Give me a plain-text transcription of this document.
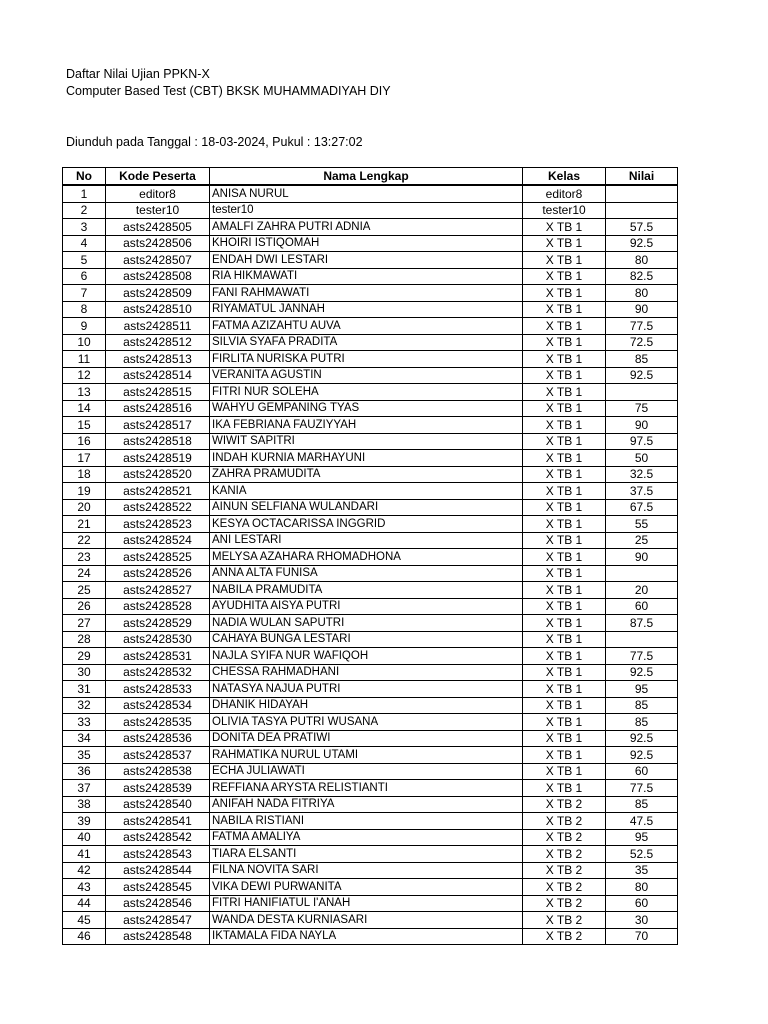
Daftar Nilai Ujian PPKN-X
Computer Based Test (CBT) BKSK MUHAMMADIYAH DIY
Diunduh pada Tanggal : 18-03-2024, Pukul : 13:27:02
No	Kode Peserta	Nama Lengkap	Kelas	Nilai
1	editor8	ANISA NURUL	editor8	
2	tester10	tester10	tester10	
3	asts2428505	AMALFI ZAHRA PUTRI ADNIA	X TB 1	57.5
4	asts2428506	KHOIRI ISTIQOMAH	X TB 1	92.5
5	asts2428507	ENDAH DWI LESTARI	X TB 1	80
6	asts2428508	RIA HIKMAWATI	X TB 1	82.5
7	asts2428509	FANI RAHMAWATI	X TB 1	80
8	asts2428510	RIYAMATUL JANNAH	X TB 1	90
9	asts2428511	FATMA AZIZAHTU AUVA	X TB 1	77.5
10	asts2428512	SILVIA SYAFA PRADITA	X TB 1	72.5
11	asts2428513	FIRLITA NURISKA PUTRI	X TB 1	85
12	asts2428514	VERANITA AGUSTIN	X TB 1	92.5
13	asts2428515	FITRI NUR SOLEHA	X TB 1	
14	asts2428516	WAHYU GEMPANING TYAS	X TB 1	75
15	asts2428517	IKA FEBRIANA FAUZIYYAH	X TB 1	90
16	asts2428518	WIWIT SAPITRI	X TB 1	97.5
17	asts2428519	INDAH KURNIA MARHAYUNI	X TB 1	50
18	asts2428520	ZAHRA PRAMUDITA	X TB 1	32.5
19	asts2428521	KANIA	X TB 1	37.5
20	asts2428522	AINUN SELFIANA WULANDARI	X TB 1	67.5
21	asts2428523	KESYA OCTACARISSA INGGRID	X TB 1	55
22	asts2428524	ANI LESTARI	X TB 1	25
23	asts2428525	MELYSA AZAHARA RHOMADHONA	X TB 1	90
24	asts2428526	ANNA ALTA FUNISA	X TB 1	
25	asts2428527	NABILA PRAMUDITA	X TB 1	20
26	asts2428528	AYUDHITA AISYA PUTRI	X TB 1	60
27	asts2428529	NADIA WULAN SAPUTRI	X TB 1	87.5
28	asts2428530	CAHAYA BUNGA LESTARI	X TB 1	
29	asts2428531	NAJLA SYIFA NUR WAFIQOH	X TB 1	77.5
30	asts2428532	CHESSA RAHMADHANI	X TB 1	92.5
31	asts2428533	NATASYA NAJUA PUTRI	X TB 1	95
32	asts2428534	DHANIK HIDAYAH	X TB 1	85
33	asts2428535	OLIVIA TASYA PUTRI WUSANA	X TB 1	85
34	asts2428536	DONITA DEA PRATIWI	X TB 1	92.5
35	asts2428537	RAHMATIKA NURUL UTAMI	X TB 1	92.5
36	asts2428538	ECHA JULIAWATI	X TB 1	60
37	asts2428539	REFFIANA ARYSTA RELISTIANTI	X TB 1	77.5
38	asts2428540	ANIFAH NADA FITRIYA	X TB 2	85
39	asts2428541	NABILA RISTIANI	X TB 2	47.5
40	asts2428542	FATMA AMALIYA	X TB 2	95
41	asts2428543	TIARA ELSANTI	X TB 2	52.5
42	asts2428544	FILNA NOVITA SARI	X TB 2	35
43	asts2428545	VIKA DEWI PURWANITA	X TB 2	80
44	asts2428546	FITRI HANIFIATUL I'ANAH	X TB 2	60
45	asts2428547	WANDA DESTA KURNIASARI	X TB 2	30
46	asts2428548	IKTAMALA FIDA NAYLA	X TB 2	70
